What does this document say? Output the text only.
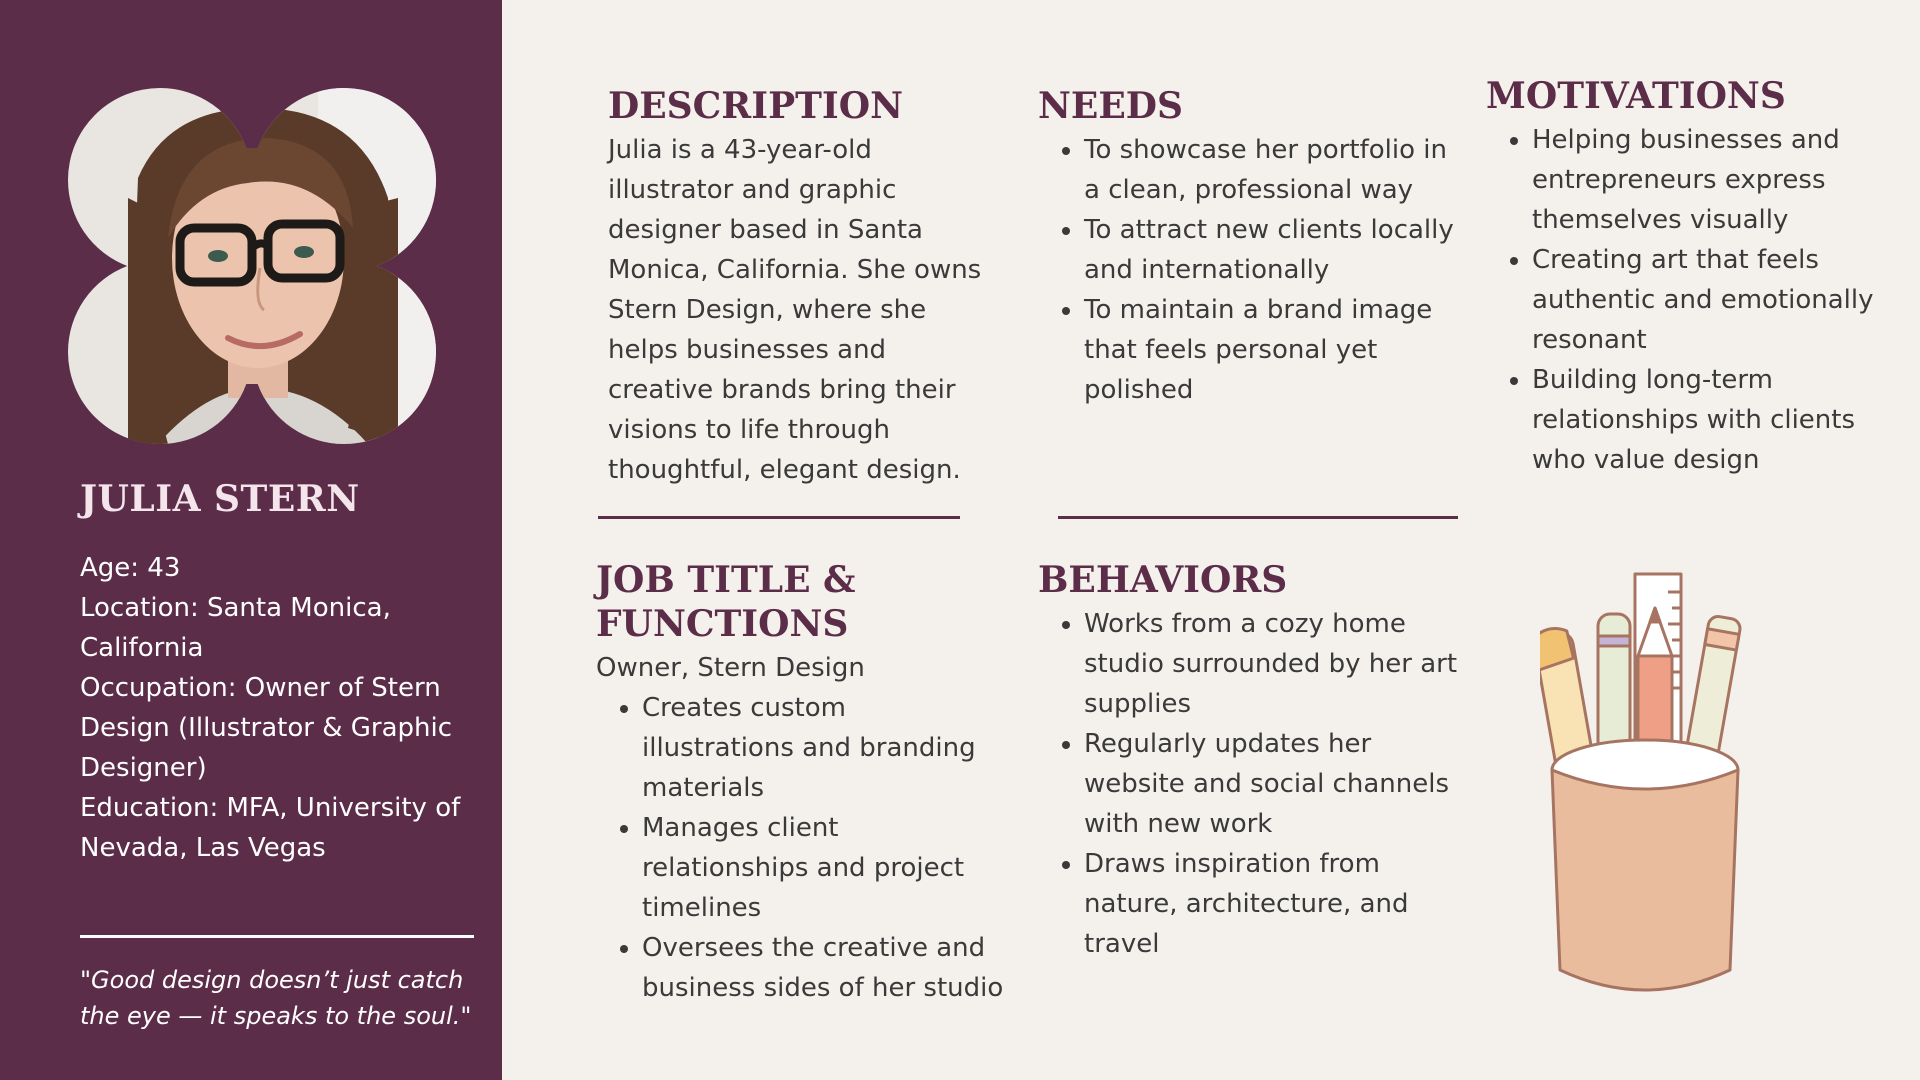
JULIA STERN

Age: 43

Location: Santa Monica, California

Occupation: Owner of Stern Design (Illustrator & Graphic Designer)

Education: MFA, University of Nevada, Las Vegas

"Good design doesn’t just catch the eye — it speaks to the soul."

DESCRIPTION

Julia is a 43-year-old illustrator and graphic designer based in Santa Monica, California. She owns Stern Design, where she helps businesses and creative brands bring their visions to life through thoughtful, elegant design.

NEEDS
• To showcase her portfolio in a clean, professional way
• To attract new clients locally and internationally
• To maintain a brand image that feels personal yet polished
MOTIVATIONS
• Helping businesses and entrepreneurs express themselves visually
• Creating art that feels authentic and emotionally resonant
• Building long-term relationships with clients who value design
JOB TITLE & FUNCTIONS

Owner, Stern Design

• Creates custom illustrations and branding materials
• Manages client relationships and project timelines
• Oversees the creative and business sides of her studio
BEHAVIORS
• Works from a cozy home studio surrounded by her art supplies
• Regularly updates her website and social channels with new work
• Draws inspiration from nature, architecture, and travel
